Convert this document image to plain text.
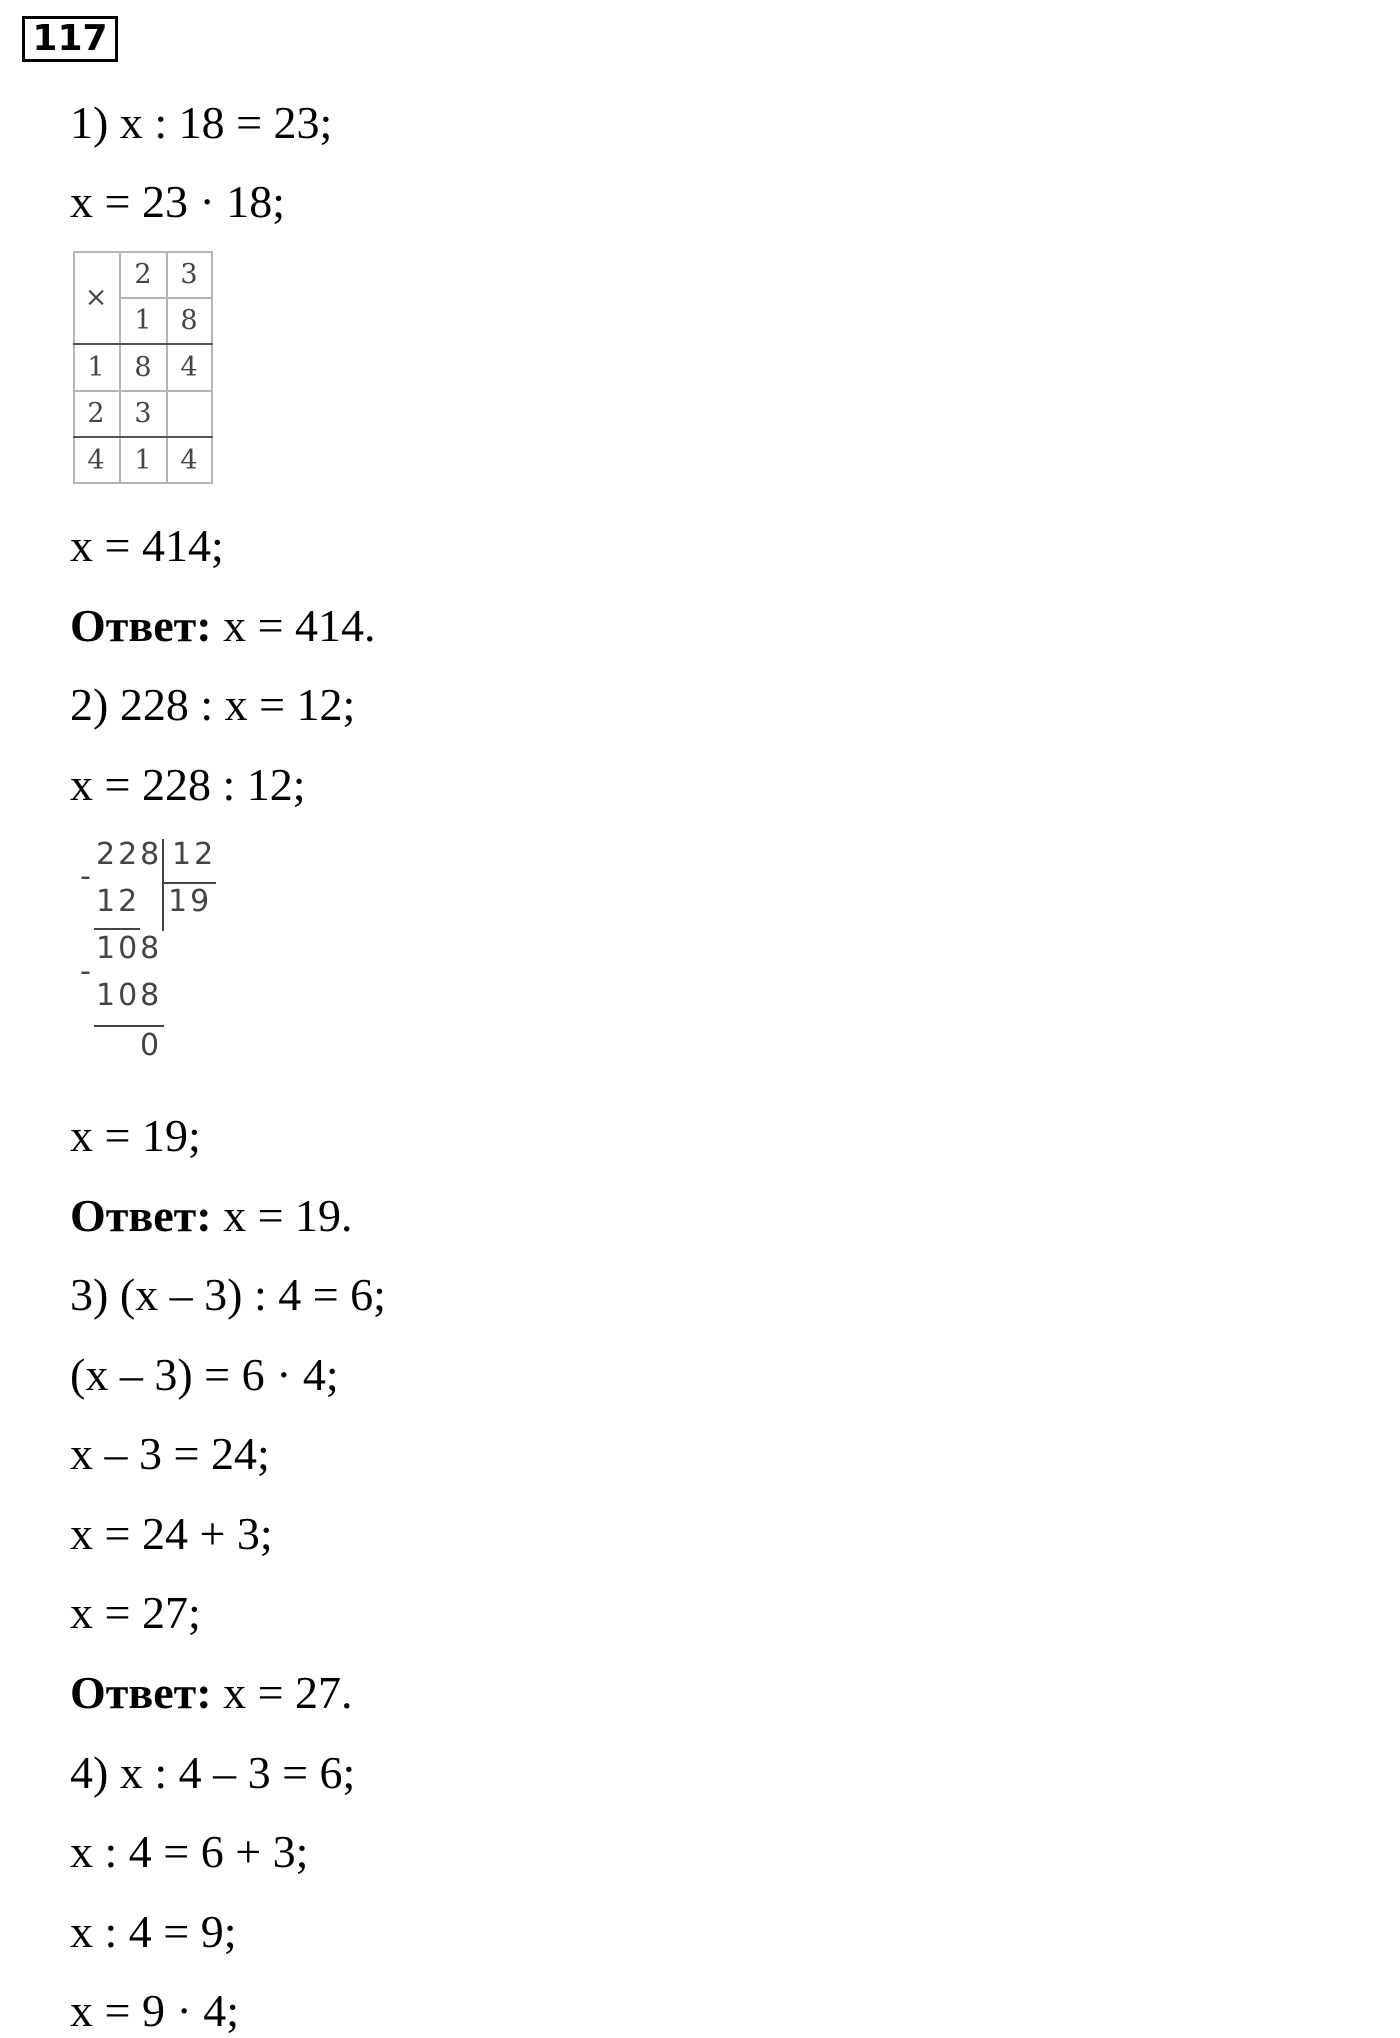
117
1) x : 18 = 23;
x = 23 · 18;
×
2	3
1	8
1	8	4
2	3
4	1	4
x = 414;
Ответ: x = 414.
2) 228 : x = 12;
x = 228 : 12;
228 12
19
-
12
108
-
108
0
x = 19;
Ответ: x = 19.
3) (x – 3) : 4 = 6;
(x – 3) = 6 · 4;
x – 3 = 24;
x = 24 + 3;
x = 27;
Ответ: x = 27.
4) x : 4 – 3 = 6;
x : 4 = 6 + 3;
x : 4 = 9;
x = 9 · 4;
